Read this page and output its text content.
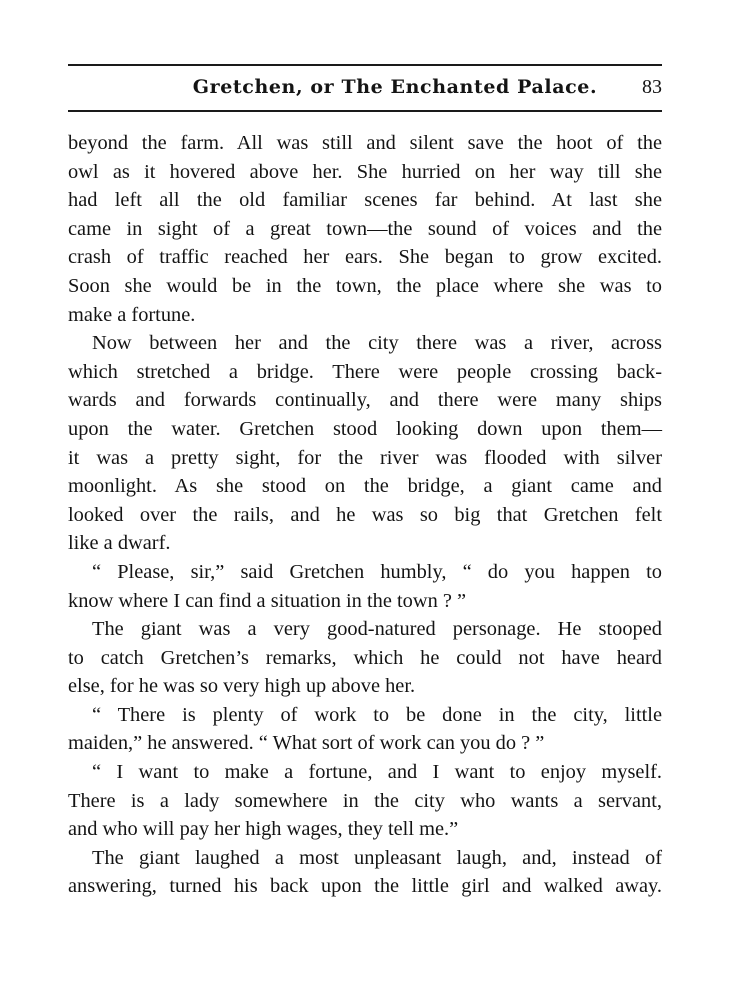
Gretchen, or The Enchanted Palace.	83

beyond the farm. All was still and silent save the hoot of the
owl as it hovered above her. She hurried on her way till she
had left all the old familiar scenes far behind. At last she
came in sight of a great town—the sound of voices and the
crash of traffic reached her ears. She began to grow excited.
Soon she would be in the town, the place where she was to
make a fortune.

Now between her and the city there was a river, across
which stretched a bridge. There were people crossing back-
wards and forwards continually, and there were many ships
upon the water. Gretchen stood looking down upon them—
it was a pretty sight, for the river was flooded with silver
moonlight. As she stood on the bridge, a giant came and
looked over the rails, and he was so big that Gretchen felt
like a dwarf.

“ Please, sir,” said Gretchen humbly, “ do you happen to
know where I can find a situation in the town ? ”

The giant was a very good-natured personage. He stooped
to catch Gretchen’s remarks, which he could not have heard
else, for he was so very high up above her.

“ There is plenty of work to be done in the city, little
maiden,” he answered. “ What sort of work can you do ? ”

“ I want to make a fortune, and I want to enjoy myself.
There is a lady somewhere in the city who wants a servant,
and who will pay her high wages, they tell me.”

The giant laughed a most unpleasant laugh, and, instead of
answering, turned his back upon the little girl and walked away.
